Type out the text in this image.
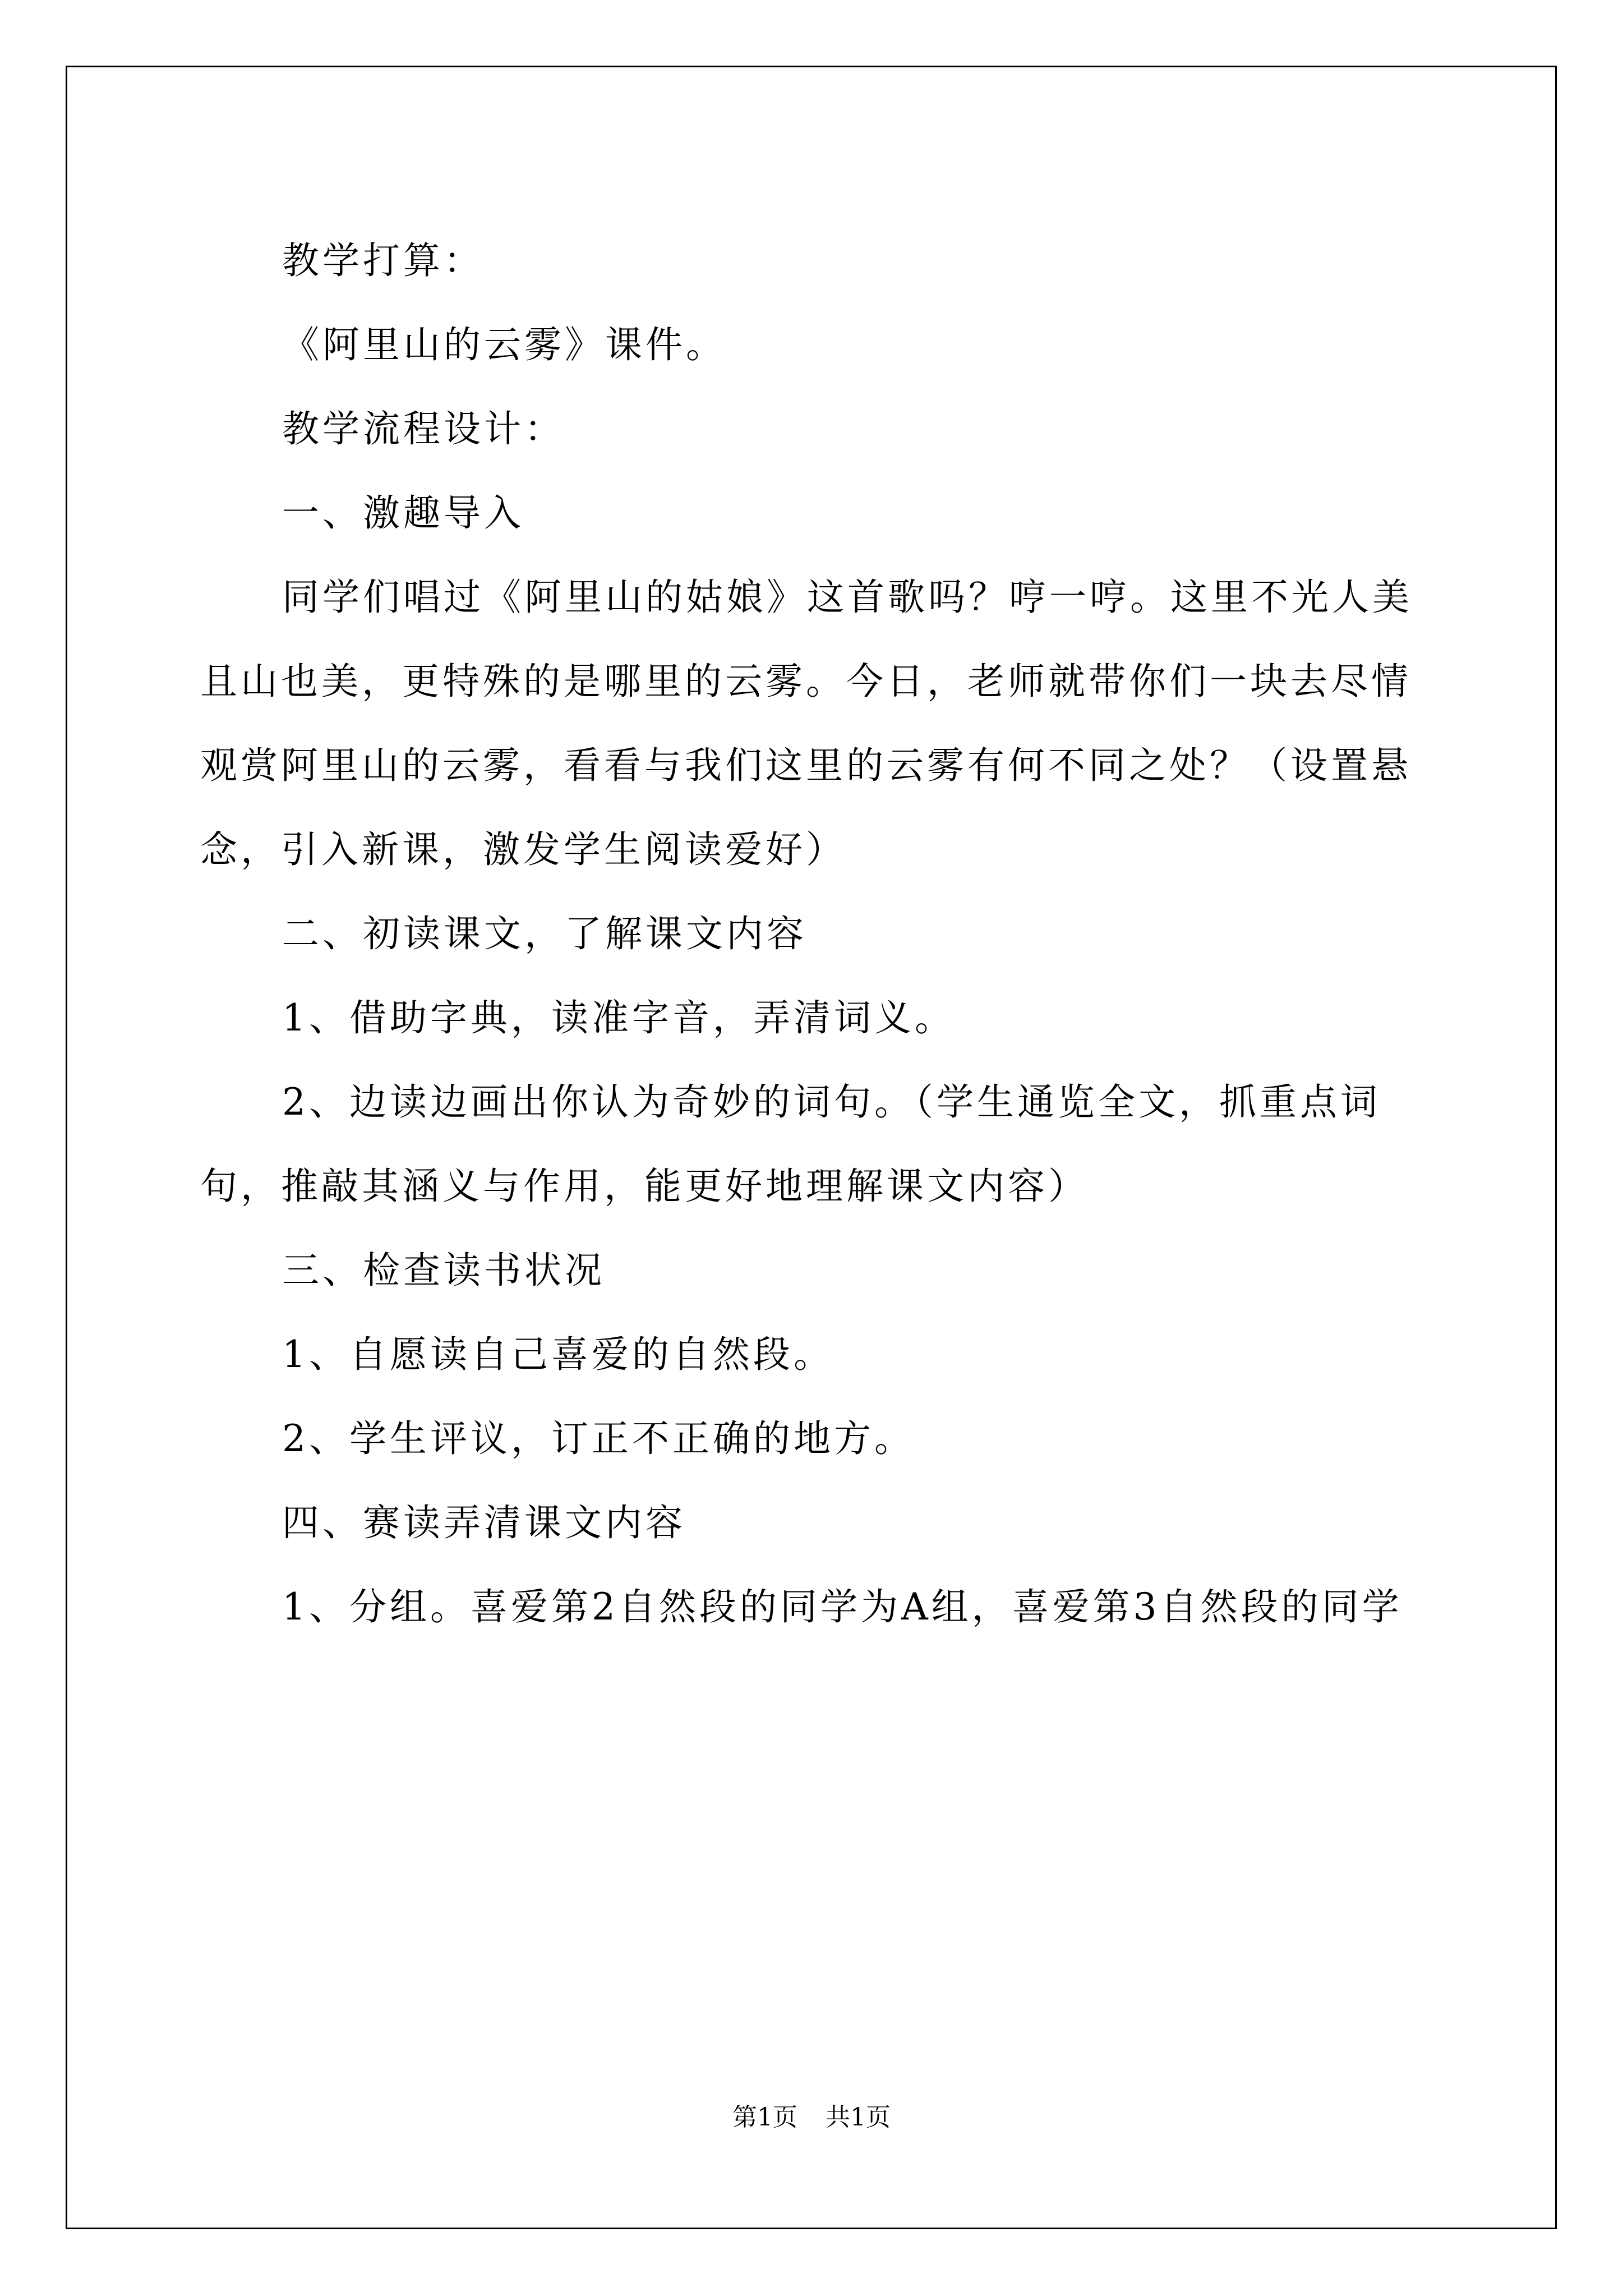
教学打算：

《阿里山的云雾》课件。

教学流程设计：

一、激趣导入

同学们唱过《阿里山的姑娘》这首歌吗？哼一哼。这里不光人美且山也美，更特殊的是哪里的云雾。今日，老师就带你们一块去尽情观赏阿里山的云雾，看看与我们这里的云雾有何不同之处？（设置悬念，引入新课，激发学生阅读爱好）

二、初读课文，了解课文内容

1、借助字典，读准字音，弄清词义。

2、边读边画出你认为奇妙的词句。（学生通览全文，抓重点词句，推敲其涵义与作用，能更好地理解课文内容）

三、检查读书状况

1、自愿读自己喜爱的自然段。

2、学生评议，订正不正确的地方。

四、赛读弄清课文内容

1、分组。喜爱第2自然段的同学为A组，喜爱第3自然段的同学

第1页 共1页
